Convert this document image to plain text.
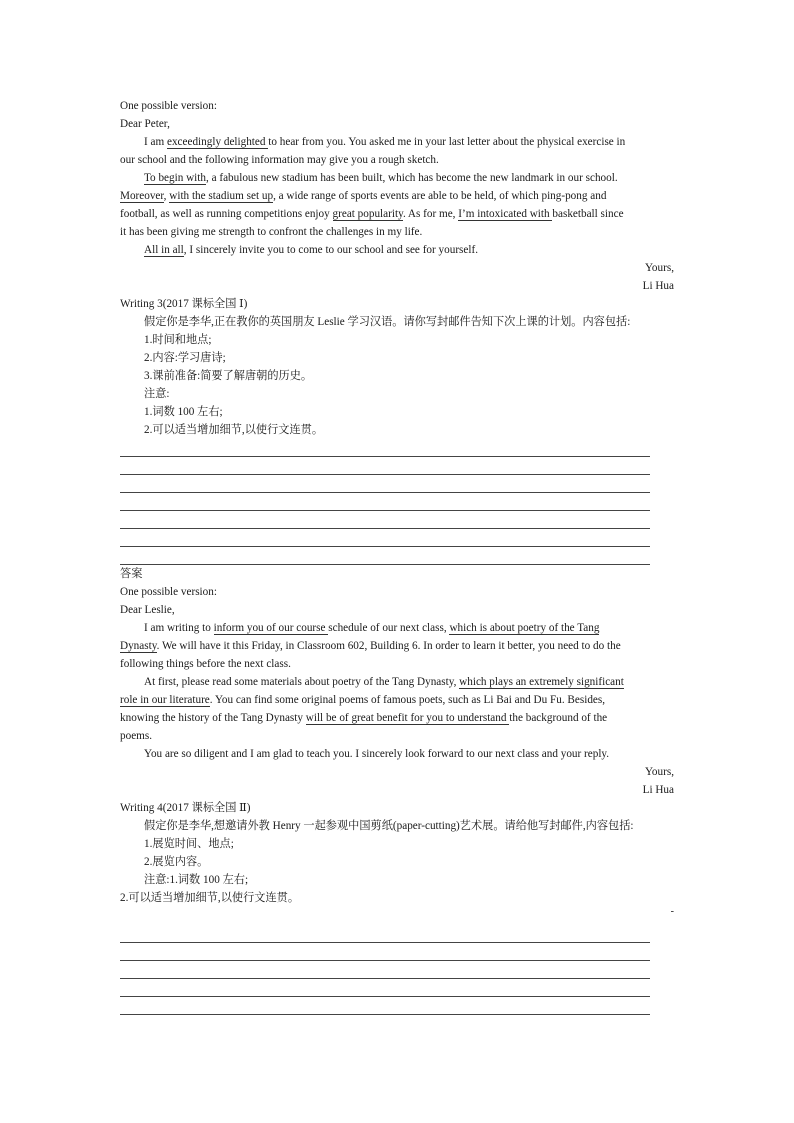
One possible version:
Dear Peter,
I am exceedingly delighted to hear from you. You asked me in your last letter about the physical exercise in
our school and the following information may give you a rough sketch.
To begin with, a fabulous new stadium has been built, which has become the new landmark in our school.
Moreover, with the stadium set up, a wide range of sports events are able to be held, of which ping-pong and
football, as well as running competitions enjoy great popularity. As for me, I’m intoxicated with basketball since
it has been giving me strength to confront the challenges in my life.
All in all, I sincerely invite you to come to our school and see for yourself.
Yours,
Li Hua
Writing 3(2017 课标全国 Ⅰ)
假定你是李华,正在教你的英国朋友 Leslie 学习汉语。请你写封邮件告知下次上课的计划。内容包括:
1.时间和地点;
2.内容:学习唐诗;
3.课前准备:简要了解唐朝的历史。
注意:
1.词数 100 左右;
2.可以适当增加细节,以使行文连贯。
答案
One possible version:
Dear Leslie,
I am writing to inform you of our course schedule of our next class, which is about poetry of the Tang
Dynasty. We will have it this Friday, in Classroom 602, Building 6. In order to learn it better, you need to do the
following things before the next class.
At first, please read some materials about poetry of the Tang Dynasty, which plays an extremely significant
role in our literature. You can find some original poems of famous poets, such as Li Bai and Du Fu. Besides,
knowing the history of the Tang Dynasty will be of great benefit for you to understand the background of the
poems.
You are so diligent and I am glad to teach you. I sincerely look forward to our next class and your reply.
Yours,
Li Hua
Writing 4(2017 课标全国 Ⅱ)
假定你是李华,想邀请外教 Henry 一起参观中国剪纸(paper-cutting)艺术展。请给他写封邮件,内容包括:
1.展览时间、地点;
2.展览内容。
注意:1.词数 100 左右;
2.可以适当增加细节,以使行文连贯。
-
